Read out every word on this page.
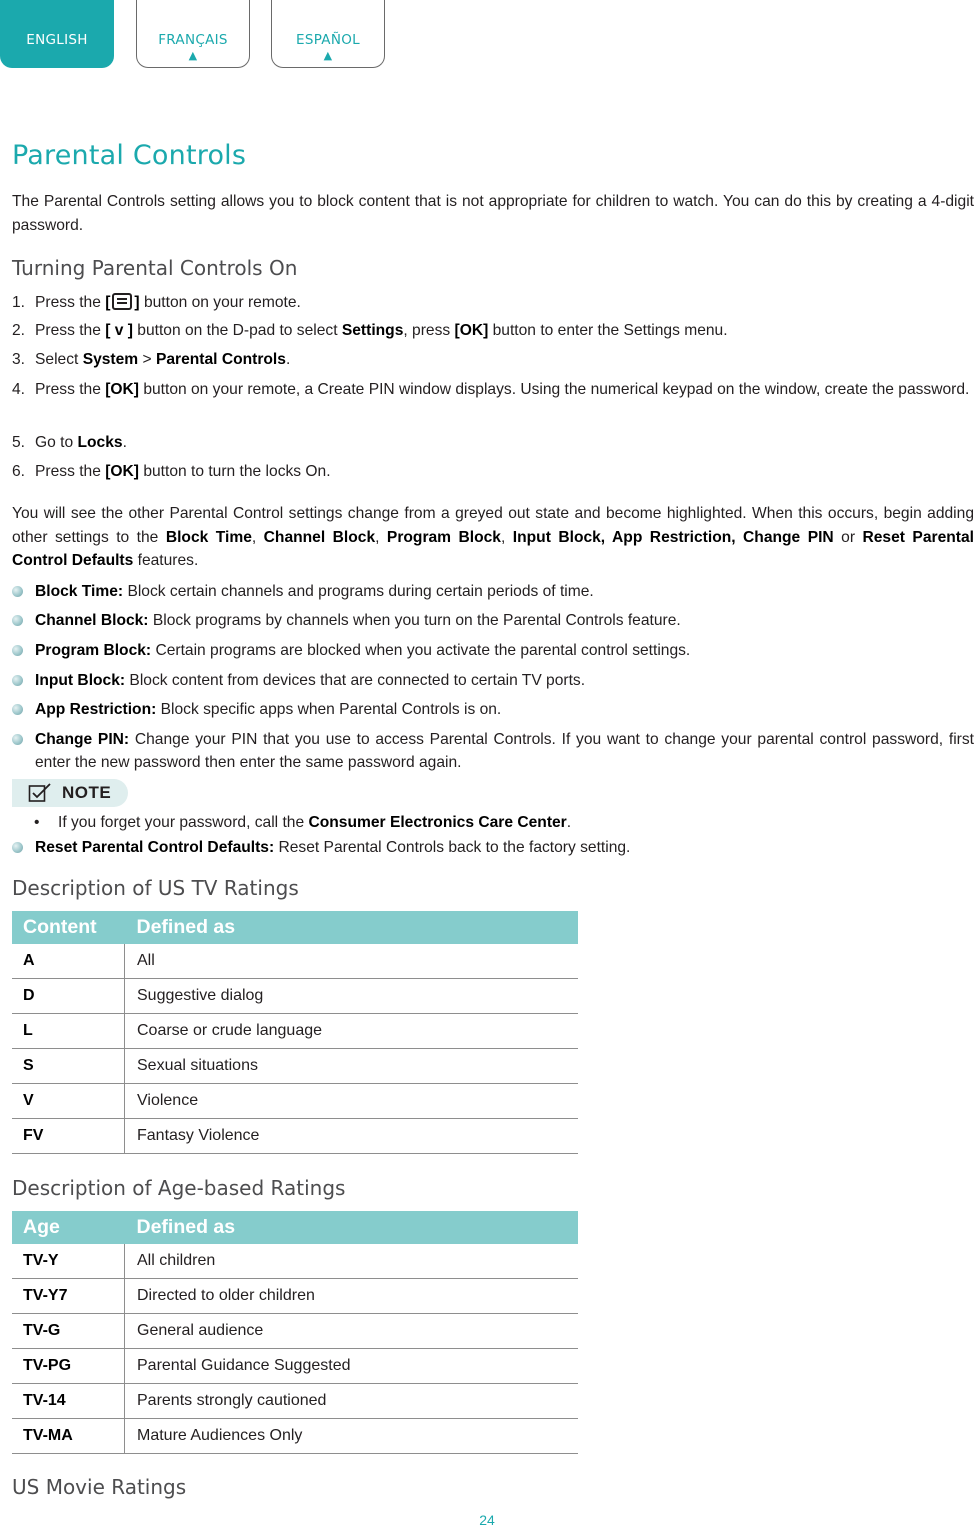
ENGLISH	FRANÇAIS
▲
ESPAÑOL
▲
Parental Controls

The Parental Controls setting allows you to block content that is not appropriate for children to watch. You can do this by creating a 4-digit password.

Turning Parental Controls On
1. Press the [ ] button on your remote.
2. Press the [ v ] button on the D-pad to select Settings, press [OK] button to enter the Settings menu.
3. Select System > Parental Controls.
4. Press the [OK] button on your remote, a Create PIN window displays. Using the numerical keypad on the window, create the password.
5. Go to Locks.
6. Press the [OK] button to turn the locks On.

You will see the other Parental Control settings change from a greyed out state and become highlighted. When this occurs, begin adding other settings to the Block Time, Channel Block, Program Block, Input Block, App Restriction, Change PIN or Reset Parental Control Defaults features.

Block Time: Block certain channels and programs during certain periods of time.
Channel Block: Block programs by channels when you turn on the Parental Controls feature.
Program Block: Certain programs are blocked when you activate the parental control settings.
Input Block: Block content from devices that are connected to certain TV ports.
App Restriction: Block specific apps when Parental Controls is on.
Change PIN: Change your PIN that you use to access Parental Controls. If you want to change your parental control password, first enter the new password then enter the same password again.
NOTE
• If you forget your password, call the Consumer Electronics Care Center.
Reset Parental Control Defaults: Reset Parental Controls back to the factory setting.
Description of US TV Ratings
Content	Defined as
A	All
D	Suggestive dialog
L	Coarse or crude language
S	Sexual situations
V	Violence
FV	Fantasy Violence
Description of Age-based Ratings
Age	Defined as
TV-Y	All children
TV-Y7	Directed to older children
TV-G	General audience
TV-PG	Parental Guidance Suggested
TV-14	Parents strongly cautioned
TV-MA	Mature Audiences Only
US Movie Ratings
24
